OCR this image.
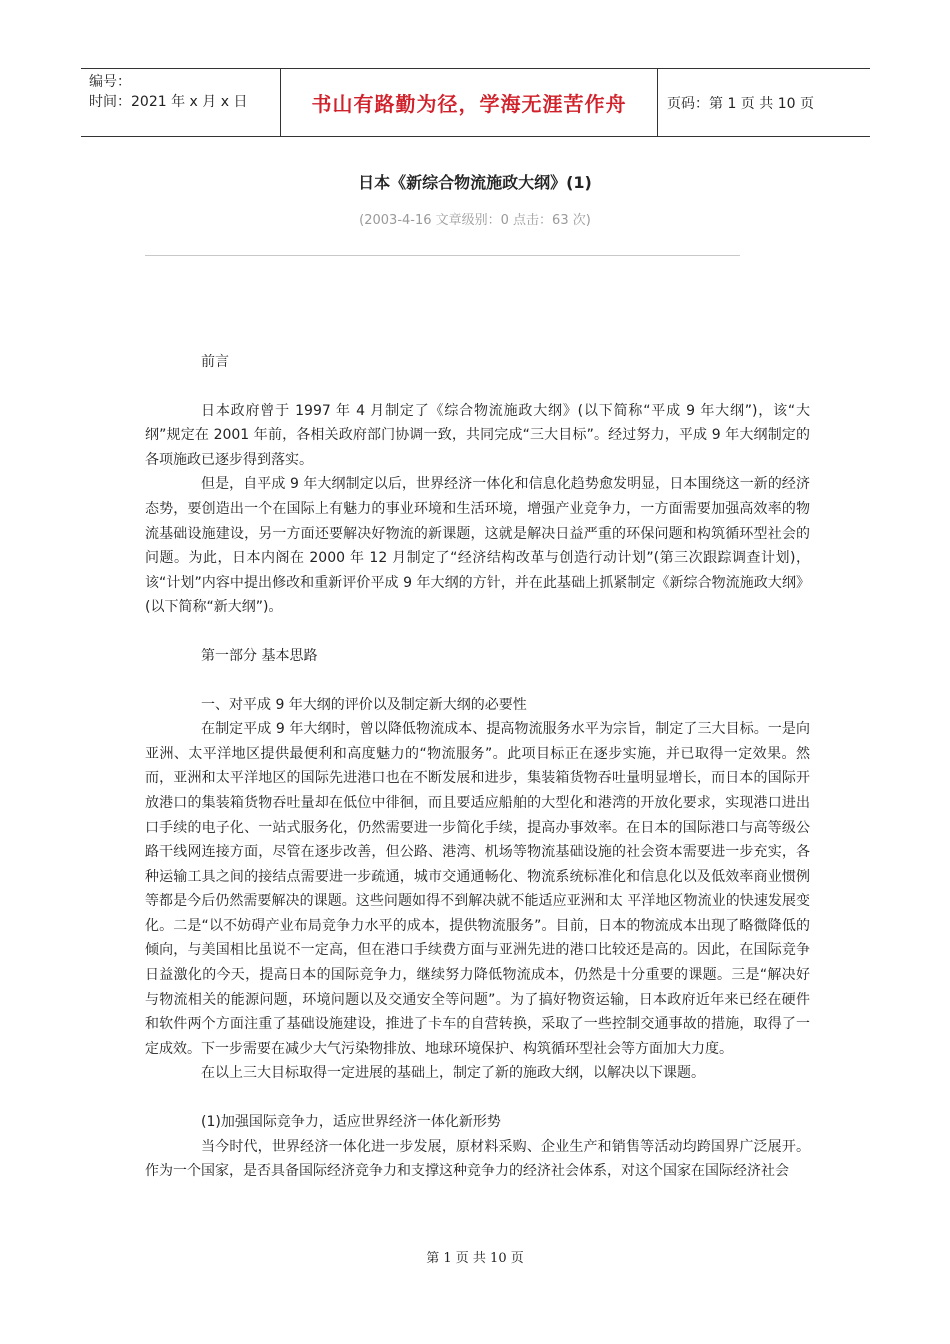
编号：
时间：2021 年 x 月 x 日	书山有路勤为径，学海无涯苦作舟	页码：第 1 页 共 10 页
日本《新综合物流施政大纲》(1)
(2003-4-16 文章级别：0 点击：63 次)

前言

日本政府曾于 1997 年 4 月制定了《综合物流施政大纲》(以下简称“平成 9 年大纲”)，该“大纲”规定在 2001 年前，各相关政府部门协调一致，共同完成“三大目标”。经过努力，平成 9 年大纲制定的各项施政已逐步得到落实。

但是，自平成 9 年大纲制定以后，世界经济一体化和信息化趋势愈发明显，日本围绕这一新的经济态势，要创造出一个在国际上有魅力的事业环境和生活环境，增强产业竞争力，一方面需要加强高效率的物流基础设施建设，另一方面还要解决好物流的新课题，这就是解决日益严重的环保问题和构筑循环型社会的问题。为此，日本内阁在 2000 年 12 月制定了“经济结构改革与创造行动计划”(第三次跟踪调查计划)，该“计划”内容中提出修改和重新评价平成 9 年大纲的方针，并在此基础上抓紧制定《新综合物流施政大纲》(以下简称“新大纲”)。

第一部分 基本思路

一、对平成 9 年大纲的评价以及制定新大纲的必要性

在制定平成 9 年大纲时，曾以降低物流成本、提高物流服务水平为宗旨，制定了三大目标。一是向亚洲、太平洋地区提供最便利和高度魅力的“物流服务”。此项目标正在逐步实施，并已取得一定效果。然而，亚洲和太平洋地区的国际先进港口也在不断发展和进步，集装箱货物吞吐量明显增长，而日本的国际开放港口的集装箱货物吞吐量却在低位中徘徊，而且要适应船舶的大型化和港湾的开放化要求，实现港口进出口手续的电子化、一站式服务化，仍然需要进一步简化手续，提高办事效率。在日本的国际港口与高等级公路干线网连接方面，尽管在逐步改善，但公路、港湾、机场等物流基础设施的社会资本需要进一步充实，各种运输工具之间的接结点需要进一步疏通，城市交通通畅化、物流系统标准化和信息化以及低效率商业惯例等都是今后仍然需要解决的课题。这些问题如得不到解决就不能适应亚洲和太 平洋地区物流业的快速发展变化。二是“以不妨碍产业布局竞争力水平的成本，提供物流服务”。目前，日本的物流成本出现了略微降低的倾向，与美国相比虽说不一定高，但在港口手续费方面与亚洲先进的港口比较还是高的。因此，在国际竞争日益激化的今天，提高日本的国际竞争力，继续努力降低物流成本，仍然是十分重要的课题。三是“解决好与物流相关的能源问题，环境问题以及交通安全等问题”。为了搞好物资运输，日本政府近年来已经在硬件和软件两个方面注重了基础设施建设，推进了卡车的自营转换，采取了一些控制交通事故的措施，取得了一定成效。下一步需要在减少大气污染物排放、地球环境保护、构筑循环型社会等方面加大力度。

在以上三大目标取得一定进展的基础上，制定了新的施政大纲，以解决以下课题。

(1)加强国际竞争力，适应世界经济一体化新形势

当今时代，世界经济一体化进一步发展，原材料采购、企业生产和销售等活动均跨国界广泛展开。作为一个国家，是否具备国际经济竞争力和支撑这种竞争力的经济社会体系，对这个国家在国际经济社会

第 1 页 共 10 页
